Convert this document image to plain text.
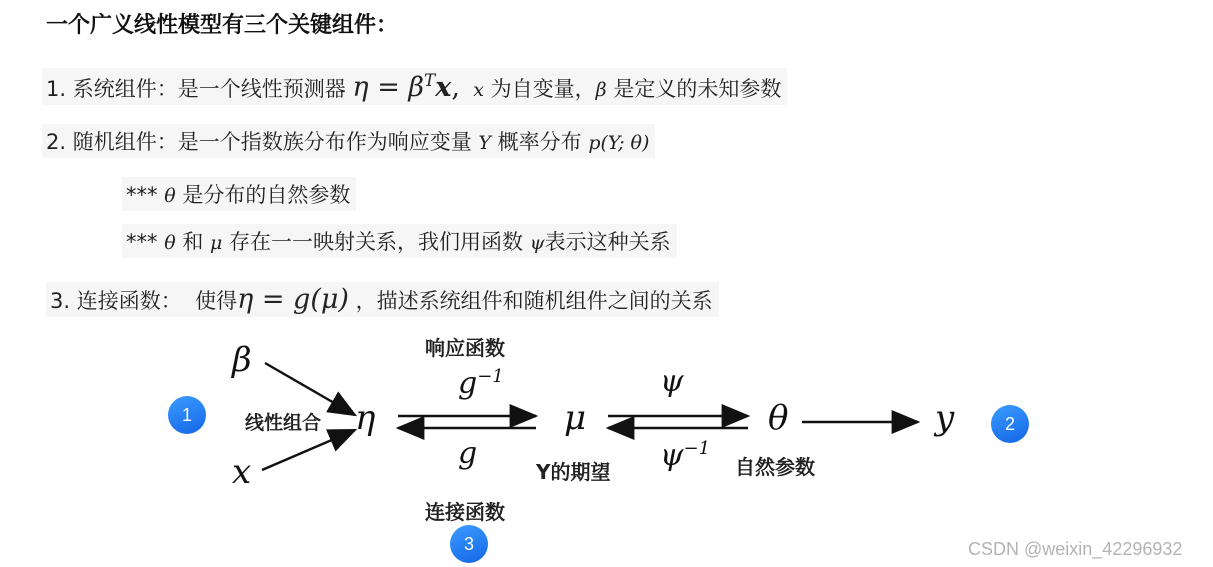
一个广义线性模型有三个关键组件：
1. 系统组件：是一个线性预测器 $\eta = \beta^Tx$, x 为自变量，β 是定义的未知参数
2. 随机组件：是一个指数族分布作为响应变量 Y 概率分布 p(Y; θ)
*** θ 是分布的自然参数
*** θ 和 μ 存在一一映射关系，我们用函数 ψ表示这种关系
3. 连接函数： 使得η = g(μ) ，描述系统组件和随机组件之间的关系
β
x
η	μ	θ	y
$g^{-1}$
g
ψ
$\psi^{-1}$
响应函数
线性组合
Y的期望	自然参数
连接函数
1	2
3	CSDN @weixin_42296932
